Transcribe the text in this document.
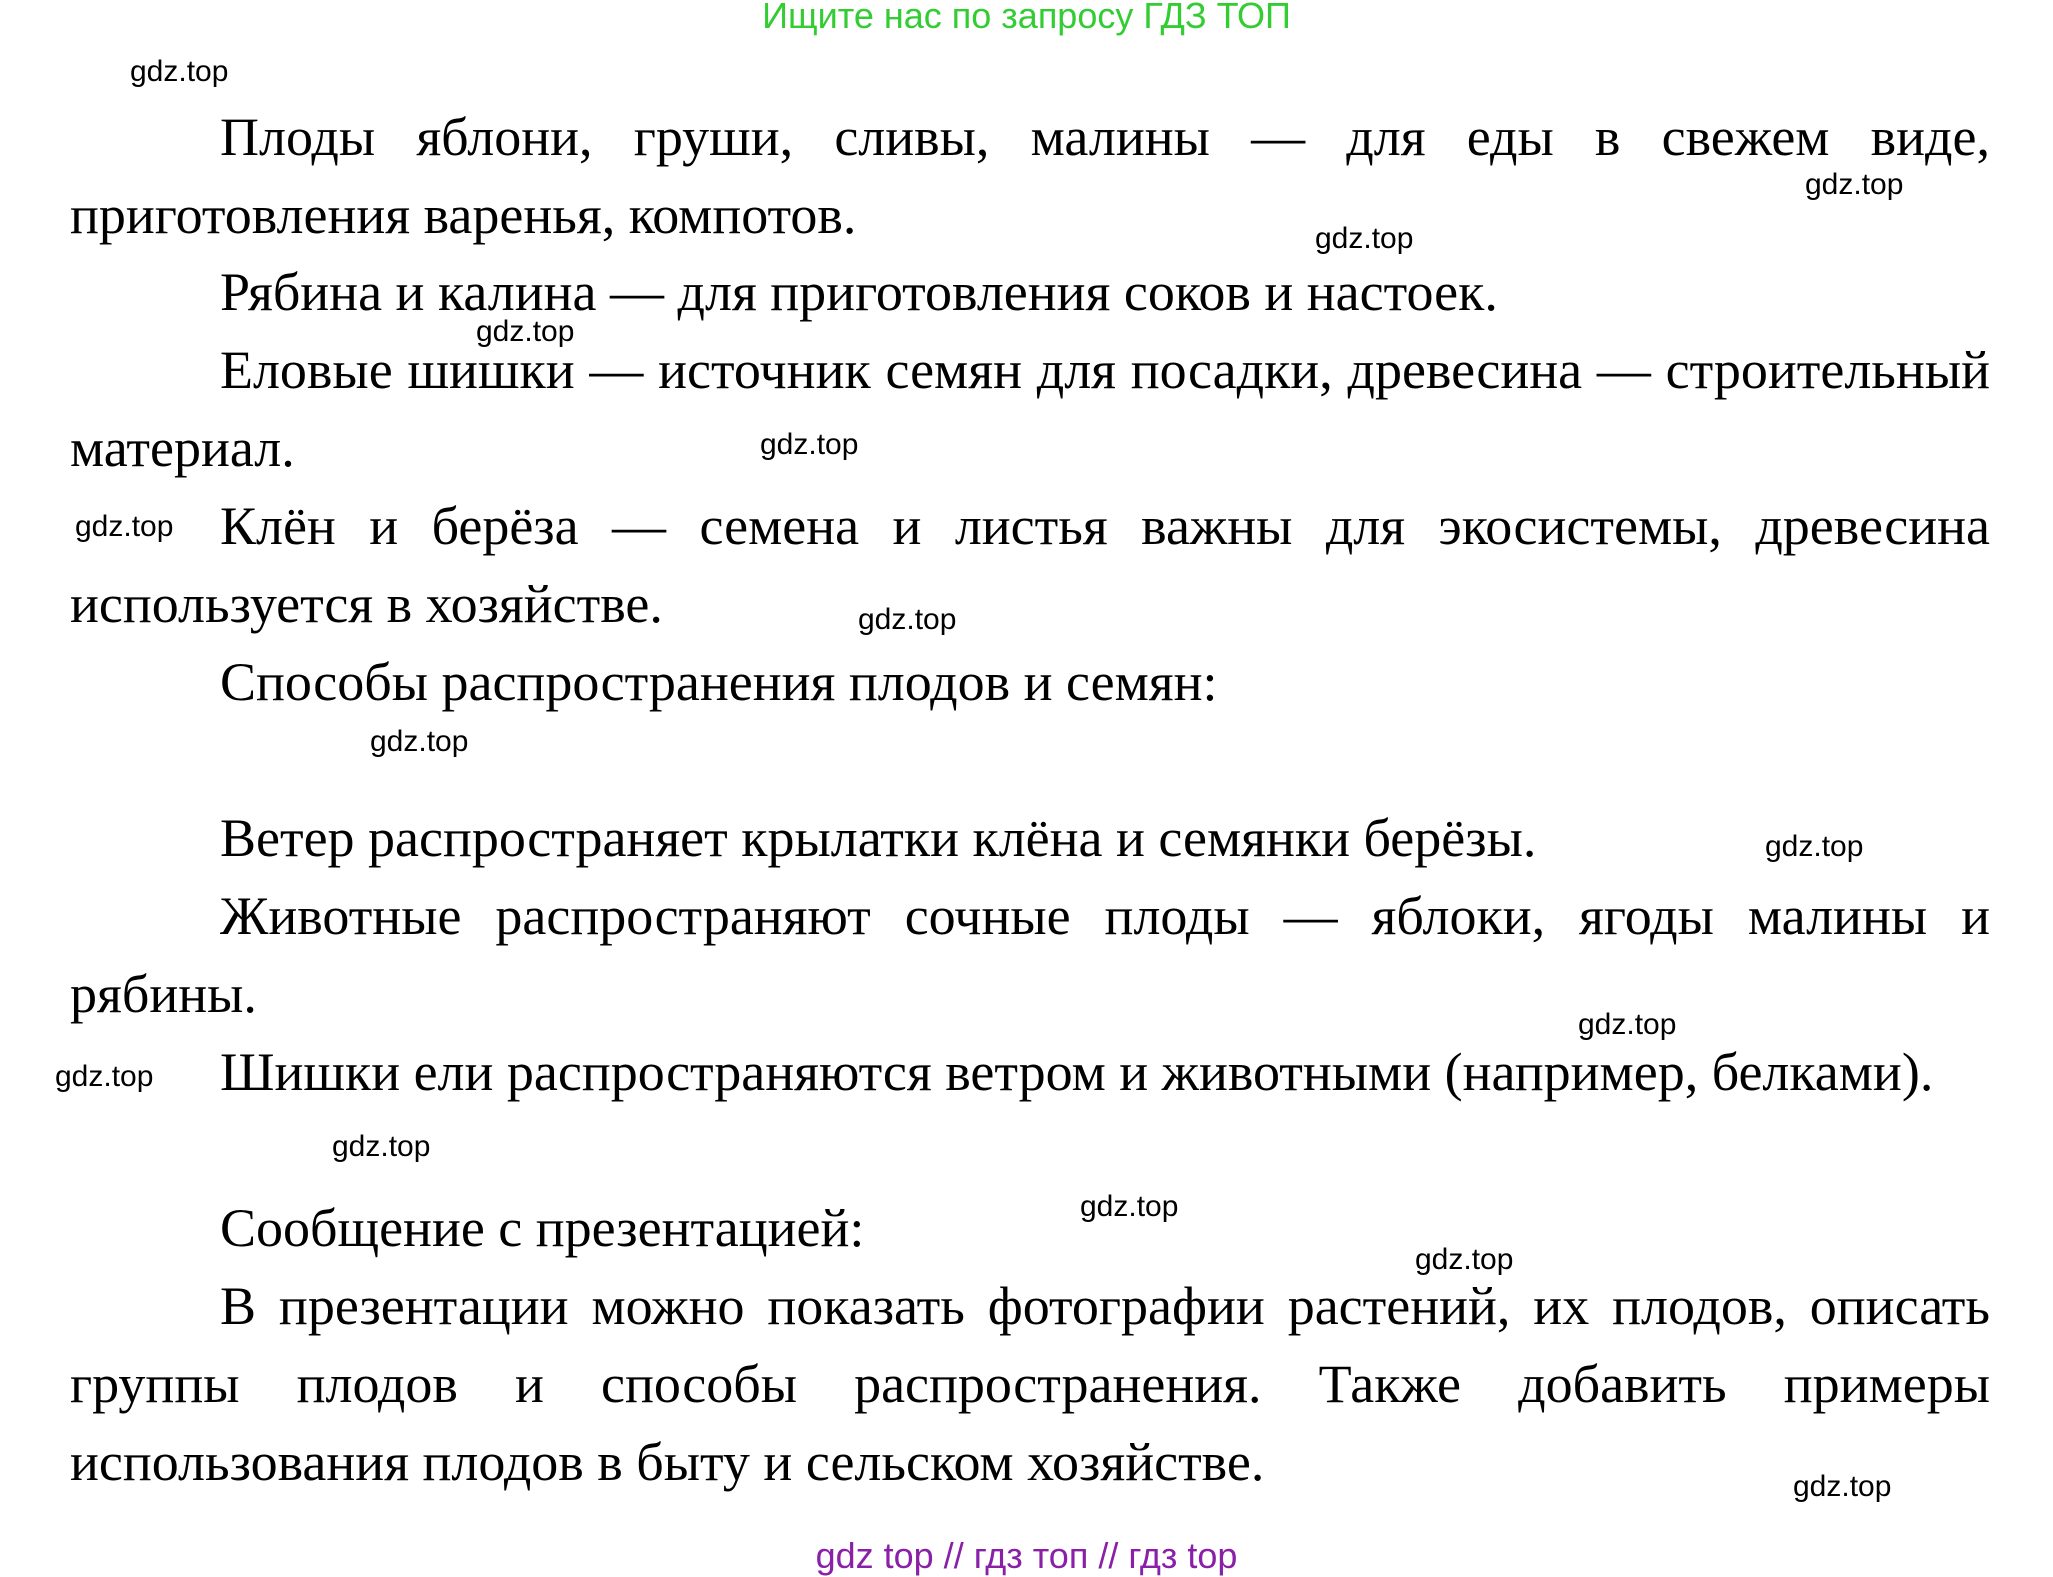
Ищите нас по запросу ГДЗ ТОП

gdz.top

Плоды яблони, груши, сливы, малины — для еды в свежем виде, приготовления варенья, компотов.

gdz.top
gdz.top

Рябина и калина — для приготовления соков и настоек.

gdz.top

Еловые шишки — источник семян для посадки, древесина — строительный материал.	gdz.top
gdz.top Клён и берёза — семена и листья важны для экосистемы, древесина используется в хозяйстве.	gdz.top

Способы распространения плодов и семян:

gdz.top

Ветер распространяет крылатки клёна и семянки берёзы.	gdz.top

Животные распространяют сочные плоды — яблоки, ягоды малины и рябины.

gdz.top
gdz.top	Шишки ели распространяются ветром и животными (например, белками).

gdz.top

Сообщение с презентацией:	gdz.top
gdz.top

В презентации можно показать фотографии растений, их плодов, описать группы плодов и способы распространения. Также добавить примеры использования плодов в быту и сельском хозяйстве.	gdz.top

gdz top // гдз топ // гдз top
